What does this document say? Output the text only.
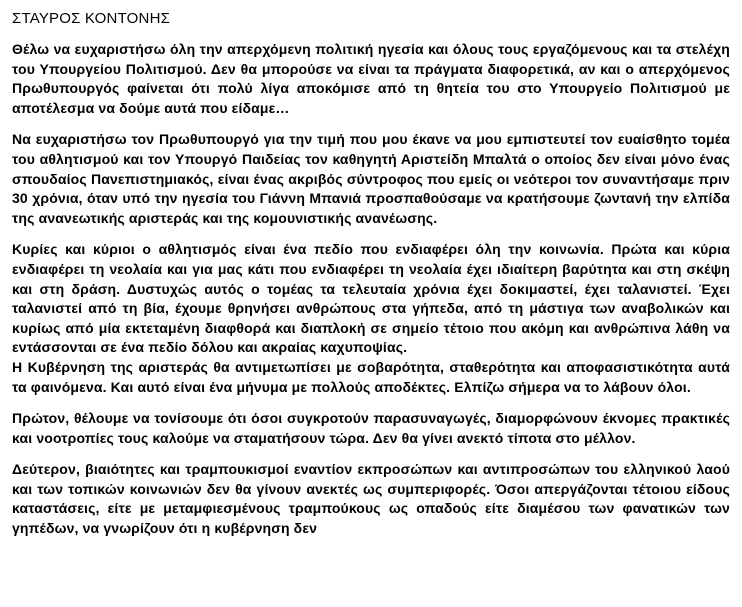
ΣΤΑΥΡΟΣ ΚΟΝΤΟΝΗΣ

Θέλω να ευχαριστήσω όλη την απερχόμενη πολιτική ηγεσία και όλους τους εργαζόμενους και τα στελέχη του Υπουργείου Πολιτισμού. Δεν θα μπορούσε να είναι τα πράγματα διαφορετικά, αν και ο απερχόμενος Πρωθυπουργός φαίνεται ότι πολύ λίγα αποκόμισε από τη θητεία του στο Υπουργείο Πολιτισμού με αποτέλεσμα να δούμε αυτά που είδαμε…

Να ευχαριστήσω τον Πρωθυπουργό για την τιμή που μου έκανε να μου εμπιστευτεί τον ευαίσθητο τομέα του αθλητισμού και τον Υπουργό Παιδείας τον καθηγητή Αριστείδη Μπαλτά ο οποίος δεν είναι μόνο ένας σπουδαίος Πανεπιστημιακός, είναι ένας ακριβός σύντροφος που εμείς οι νεότεροι τον συναντήσαμε πριν 30 χρόνια, όταν υπό την ηγεσία του Γιάννη Μπανιά προσπαθούσαμε να κρατήσουμε ζωντανή την ελπίδα της ανανεωτικής αριστεράς και της κομουνιστικής ανανέωσης.

Κυρίες και κύριοι ο αθλητισμός είναι ένα πεδίο που ενδιαφέρει όλη την κοινωνία. Πρώτα και κύρια ενδιαφέρει τη νεολαία και για μας κάτι που ενδιαφέρει τη νεολαία έχει ιδιαίτερη βαρύτητα και στη σκέψη και στη δράση. Δυστυχώς αυτός ο τομέας τα τελευταία χρόνια έχει δοκιμαστεί, έχει ταλανιστεί. Έχει ταλανιστεί από τη βία, έχουμε θρηνήσει ανθρώπους στα γήπεδα, από τη μάστιγα των αναβολικών και κυρίως από μία εκτεταμένη διαφθορά και διαπλοκή σε σημείο τέτοιο που ακόμη και ανθρώπινα λάθη να εντάσσονται σε ένα πεδίο δόλου και ακραίας καχυποψίας.

Η Κυβέρνηση της αριστεράς θα αντιμετωπίσει με σοβαρότητα, σταθερότητα και αποφασιστικότητα αυτά τα φαινόμενα. Και αυτό είναι ένα μήνυμα με πολλούς αποδέκτες. Ελπίζω σήμερα να το λάβουν όλοι.

Πρώτον, θέλουμε να τονίσουμε ότι όσοι συγκροτούν παρασυναγωγές, διαμορφώνουν έκνομες πρακτικές και νοοτροπίες τους καλούμε να σταματήσουν τώρα. Δεν θα γίνει ανεκτό τίποτα στο μέλλον.

Δεύτερον, βιαιότητες και τραμπουκισμοί εναντίον εκπροσώπων και αντιπροσώπων του ελληνικού λαού και των τοπικών κοινωνιών δεν θα γίνουν ανεκτές ως συμπεριφορές. Όσοι απεργάζονται τέτοιου είδους καταστάσεις, είτε με μεταμφιεσμένους τραμπούκους ως οπαδούς είτε διαμέσου των φανατικών των γηπέδων, να γνωρίζουν ότι η κυβέρνηση δεν
